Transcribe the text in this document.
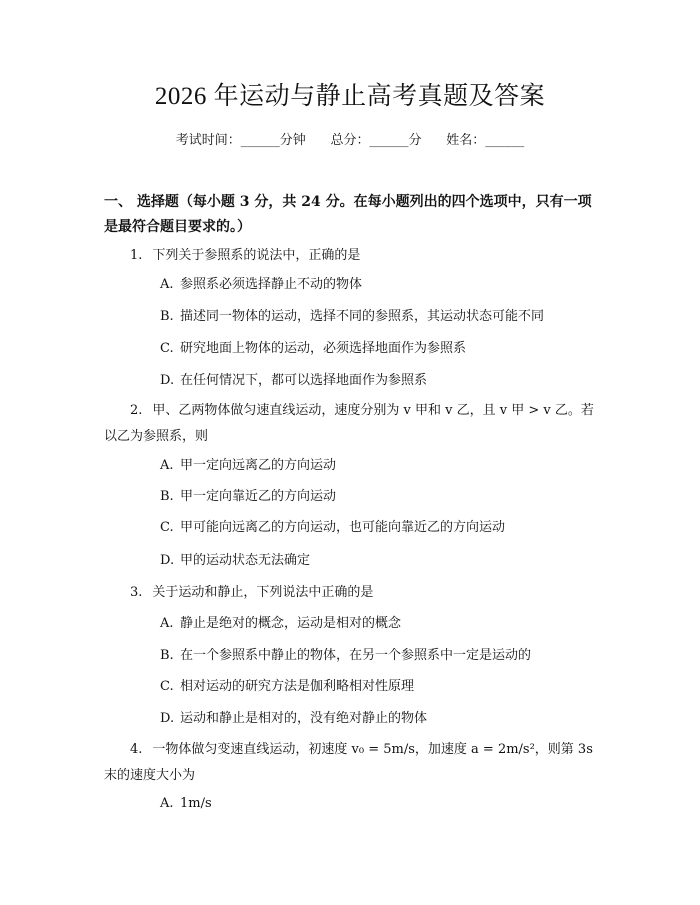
2026 年运动与静止高考真题及答案
考试时间：______分钟      总分：______分      姓名：______
一、 选择题（每小题 3 分，共 24 分。在每小题列出的四个选项中，只有一项是最符合题目要求的。）
1. 下列关于参照系的说法中，正确的是
A. 参照系必须选择静止不动的物体
B. 描述同一物体的运动，选择不同的参照系，其运动状态可能不同
C. 研究地面上物体的运动，必须选择地面作为参照系
D. 在任何情况下，都可以选择地面作为参照系
2. 甲、乙两物体做匀速直线运动，速度分别为 v 甲和 v 乙，且 v 甲 > v 乙。若以乙为参照系，则
A. 甲一定向远离乙的方向运动
B. 甲一定向靠近乙的方向运动
C. 甲可能向远离乙的方向运动，也可能向靠近乙的方向运动
D. 甲的运动状态无法确定
3. 关于运动和静止，下列说法中正确的是
A. 静止是绝对的概念，运动是相对的概念
B. 在一个参照系中静止的物体，在另一个参照系中一定是运动的
C. 相对运动的研究方法是伽利略相对性原理
D. 运动和静止是相对的，没有绝对静止的物体
4. 一物体做匀变速直线运动，初速度 v₀ = 5m/s，加速度 a = 2m/s²，则第 3s 末的速度大小为
A. 1m/s
